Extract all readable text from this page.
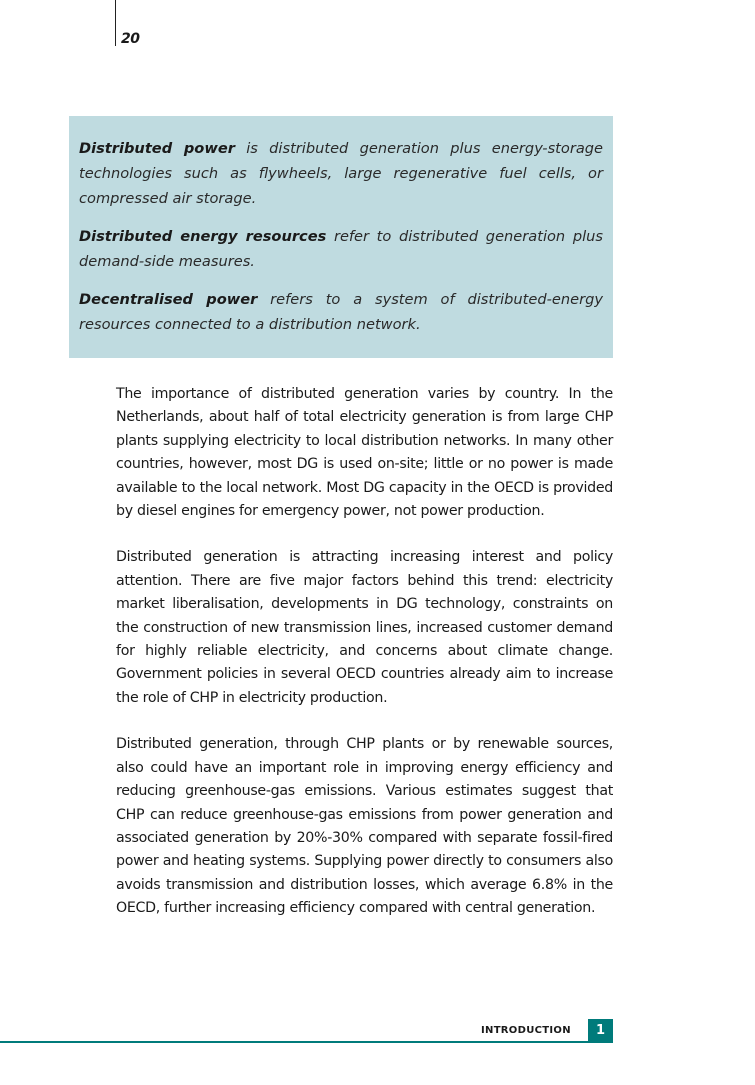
20

Distributed power is distributed generation plus energy-storage technologies such as flywheels, large regenerative fuel cells, or compressed air storage.

Distributed energy resources refer to distributed generation plus demand-side measures.

Decentralised power refers to a system of distributed-energy resources connected to a distribution network.

The importance of distributed generation varies by country. In the Netherlands, about half of total electricity generation is from large CHP plants supplying electricity to local distribution networks. In many other countries, however, most DG is used on-site; little or no power is made available to the local network. Most DG capacity in the OECD is provided by diesel engines for emergency power, not power production.

Distributed generation is attracting increasing interest and policy attention. There are five major factors behind this trend: electricity market liberalisation, developments in DG technology, constraints on the construction of new transmission lines, increased customer demand for highly reliable electricity, and concerns about climate change. Government policies in several OECD countries already aim to increase the role of CHP in electricity production.

Distributed generation, through CHP plants or by renewable sources, also could have an important role in improving energy efficiency and reducing greenhouse-gas emissions. Various estimates suggest that CHP can reduce greenhouse-gas emissions from power generation and associated generation by 20%-30% compared with separate fossil-fired power and heating systems. Supplying power directly to consumers also avoids transmission and distribution losses, which average 6.8% in the OECD, further increasing efficiency compared with central generation.

INTRODUCTION	1
